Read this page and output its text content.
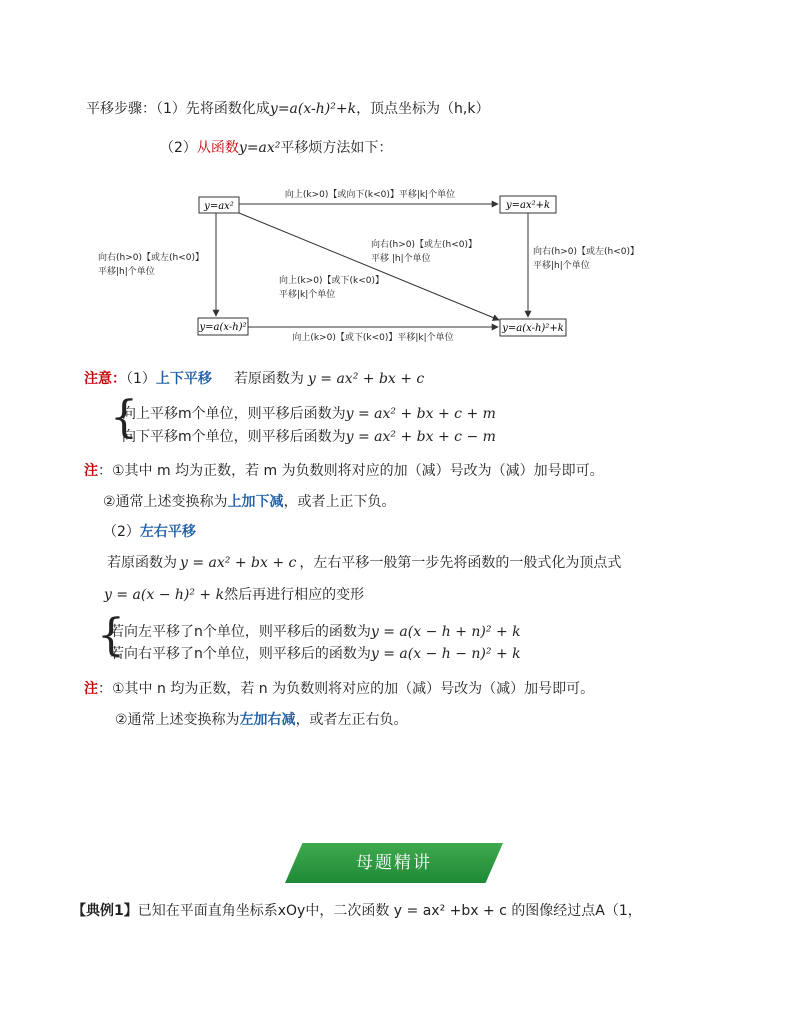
平移步骤：（1）先将函数化成y=a(x-h)²+k，顶点坐标为（h,k）
（2）从函数y=ax²平移烦方法如下：
y=ax²	y=ax²+k
y=a(x-h)²	y=a(x-h)²+k
向上(k>0)【或向下(k<0)】平移|k|个单位
向右(h>0)【或左(h<0)】
平移|h|个单位
向右(h>0)【或左(h<0)】
平移 |h|个单位
向上(k>0)【或下(k<0)】
平移|k|个单位
向右(h>0)【或左(h<0)】
平移|h|个单位
向上(k>0)【或下(k<0)】平移|k|个单位
注意：（1）上下平移 若原函数为 y = ax² + bx + c
{
向上平移m个单位，则平移后函数为y = ax² + bx + c + m
向下平移m个单位，则平移后函数为y = ax² + bx + c − m
注：①其中 m 均为正数，若 m 为负数则将对应的加（减）号改为（减）加号即可。
②通常上述变换称为上加下减，或者上正下负。
（2）左右平移
若原函数为 y = ax² + bx + c ，左右平移一般第一步先将函数的一般式化为顶点式
y = a(x − h)² + k然后再进行相应的变形
{
若向左平移了n个单位，则平移后的函数为y = a(x − h + n)² + k
若向右平移了n个单位，则平移后的函数为y = a(x − h − n)² + k
注：①其中 n 均为正数，若 n 为负数则将对应的加（减）号改为（减）加号即可。
②通常上述变换称为左加右减，或者左正右负。
母题精讲
【典例1】已知在平面直角坐标系xOy中，二次函数 y = ax² +bx + c 的图像经过点A（1，
